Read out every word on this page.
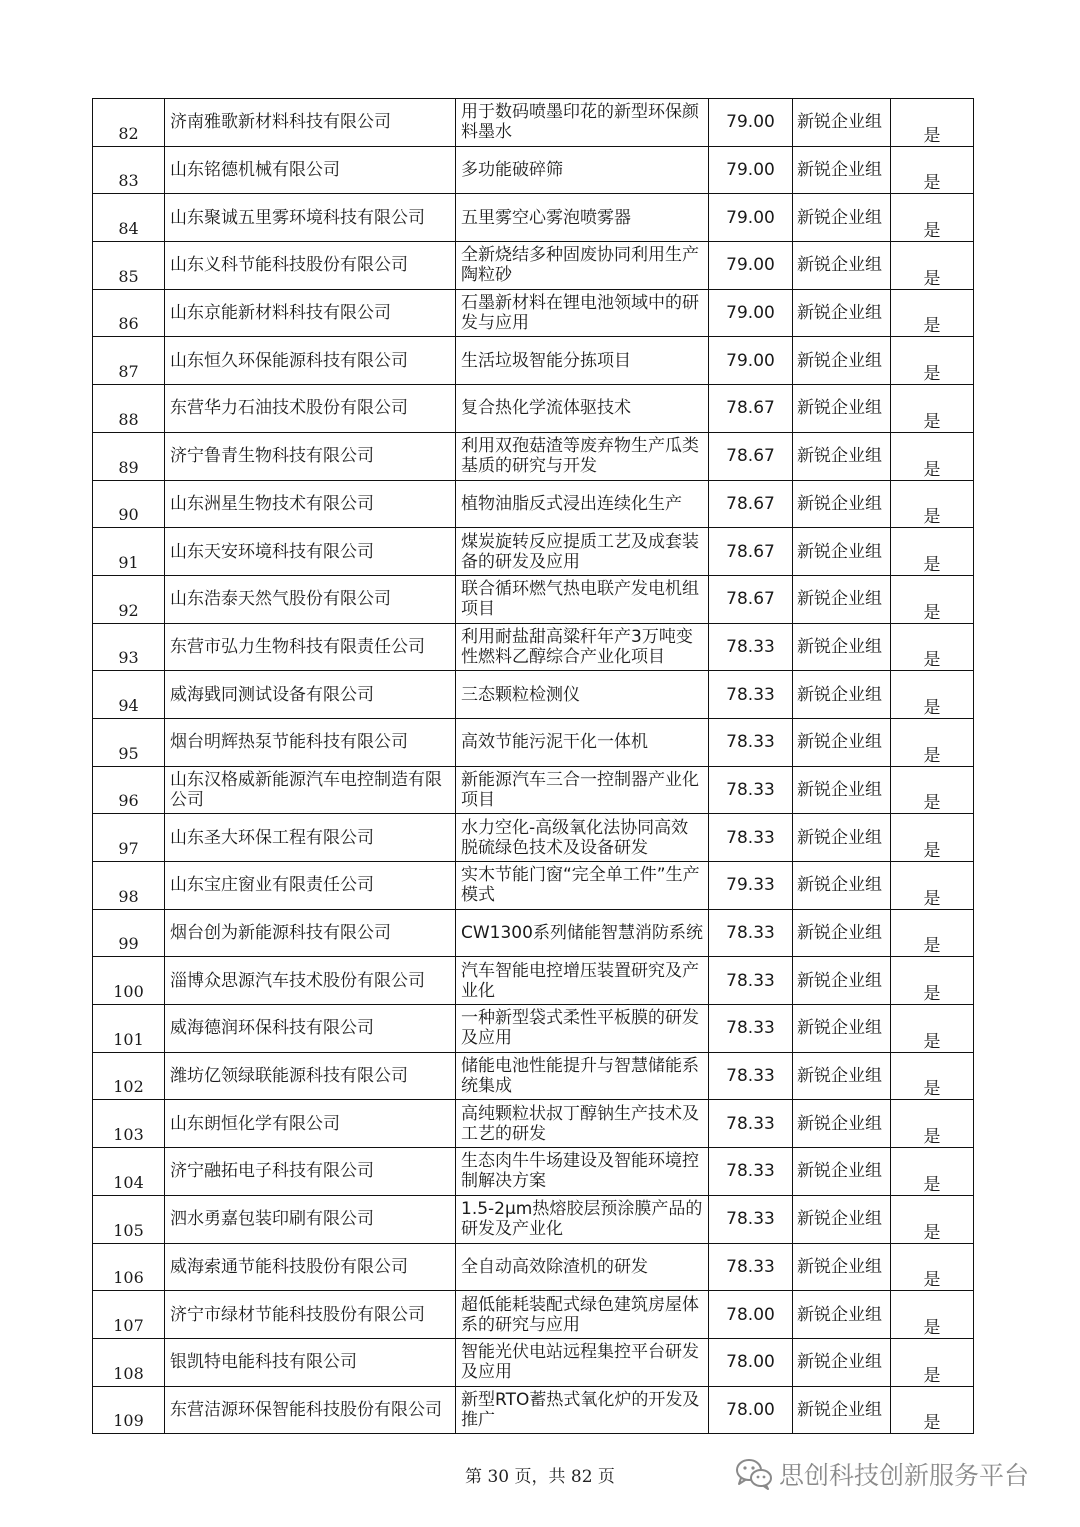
82	济南雅歌新材料科技有限公司	用于数码喷墨印花的新型环保颜料墨水	79.00	新锐企业组	是
83	山东铭德机械有限公司	多功能破碎筛	79.00	新锐企业组	是
84	山东聚诚五里雾环境科技有限公司	五里雾空心雾泡喷雾器	79.00	新锐企业组	是
85	山东义科节能科技股份有限公司	全新烧结多种固废协同利用生产陶粒砂	79.00	新锐企业组	是
86	山东京能新材料科技有限公司	石墨新材料在锂电池领域中的研发与应用	79.00	新锐企业组	是
87	山东恒久环保能源科技有限公司	生活垃圾智能分拣项目	79.00	新锐企业组	是
88	东营华力石油技术股份有限公司	复合热化学流体驱技术	78.67	新锐企业组	是
89	济宁鲁青生物科技有限公司	利用双孢菇渣等废弃物生产瓜类基质的研究与开发	78.67	新锐企业组	是
90	山东洲星生物技术有限公司	植物油脂反式浸出连续化生产	78.67	新锐企业组	是
91	山东天安环境科技有限公司	煤炭旋转反应提质工艺及成套装备的研发及应用	78.67	新锐企业组	是
92	山东浩泰天然气股份有限公司	联合循环燃气热电联产发电机组项目	78.67	新锐企业组	是
93	东营市弘力生物科技有限责任公司	利用耐盐甜高粱秆年产3万吨变性燃料乙醇综合产业化项目	78.33	新锐企业组	是
94	威海戥同测试设备有限公司	三态颗粒检测仪	78.33	新锐企业组	是
95	烟台明辉热泵节能科技有限公司	高效节能污泥干化一体机	78.33	新锐企业组	是
96	山东汉格威新能源汽车电控制造有限公司	新能源汽车三合一控制器产业化项目	78.33	新锐企业组	是
97	山东圣大环保工程有限公司	水力空化-高级氧化法协同高效脱硫绿色技术及设备研发	78.33	新锐企业组	是
98	山东宝庄窗业有限责任公司	实木节能门窗“完全单工件”生产模式	79.33	新锐企业组	是
99	烟台创为新能源科技有限公司	CW1300系列储能智慧消防系统	78.33	新锐企业组	是
100	淄博众思源汽车技术股份有限公司	汽车智能电控增压装置研究及产业化	78.33	新锐企业组	是
101	威海德润环保科技有限公司	一种新型袋式柔性平板膜的研发及应用	78.33	新锐企业组	是
102	潍坊亿领绿联能源科技有限公司	储能电池性能提升与智慧储能系统集成	78.33	新锐企业组	是
103	山东朗恒化学有限公司	高纯颗粒状叔丁醇钠生产技术及工艺的研发	78.33	新锐企业组	是
104	济宁融拓电子科技有限公司	生态肉牛牛场建设及智能环境控制解决方案	78.33	新锐企业组	是
105	泗水勇嘉包装印刷有限公司	1.5-2μm热熔胶层预涂膜产品的研发及产业化	78.33	新锐企业组	是
106	威海索通节能科技股份有限公司	全自动高效除渣机的研发	78.33	新锐企业组	是
107	济宁市绿材节能科技股份有限公司	超低能耗装配式绿色建筑房屋体系的研究与应用	78.00	新锐企业组	是
108	银凯特电能科技有限公司	智能光伏电站远程集控平台研发及应用	78.00	新锐企业组	是
109	东营洁源环保智能科技股份有限公司	新型RTO蓄热式氧化炉的开发及推广	78.00	新锐企业组	是
第 30 页，共 82 页	思创科技创新服务平台
